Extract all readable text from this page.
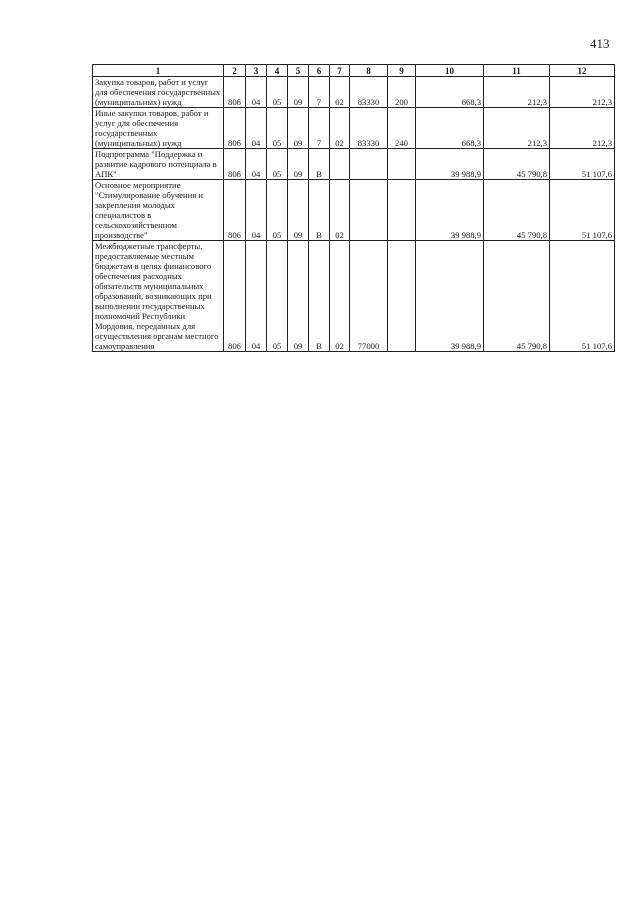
413
1	2	3	4	5	6	7	8	9	10	11	12
Закупка товаров, работ и услуг для обеспечения государственных (муниципальных) нужд	806	04	05	09	7	02	83330	200	668,3	212,3	212,3
Иные закупки товаров, работ и услуг для обеспечения государственных (муниципальных) нужд	806	04	05	09	7	02	83330	240	668,3	212,3	212,3
Подпрограмма "Поддержка и развитие кадрового потенциала в АПК"	806	04	05	09	В				39 988,9	45 790,8	51 107,6
Основное мероприятие "Стимулирование обучения и закрепления молодых специалистов в сельскохозяйственном производстве"	806	04	05	09	В	02			39 988,9	45 790,8	51 107,6
Межбюджетные трансферты, предоставляемые местным бюджетам в целях финансового обеспечения расходных обязательств муниципальных образований, возникающих при выполнении государственных полномочий Республики Мордовия, переданных для осуществления органам местного самоуправления	806	04	05	09	В	02	77000		39 988,9	45 790,8	51 107,6
